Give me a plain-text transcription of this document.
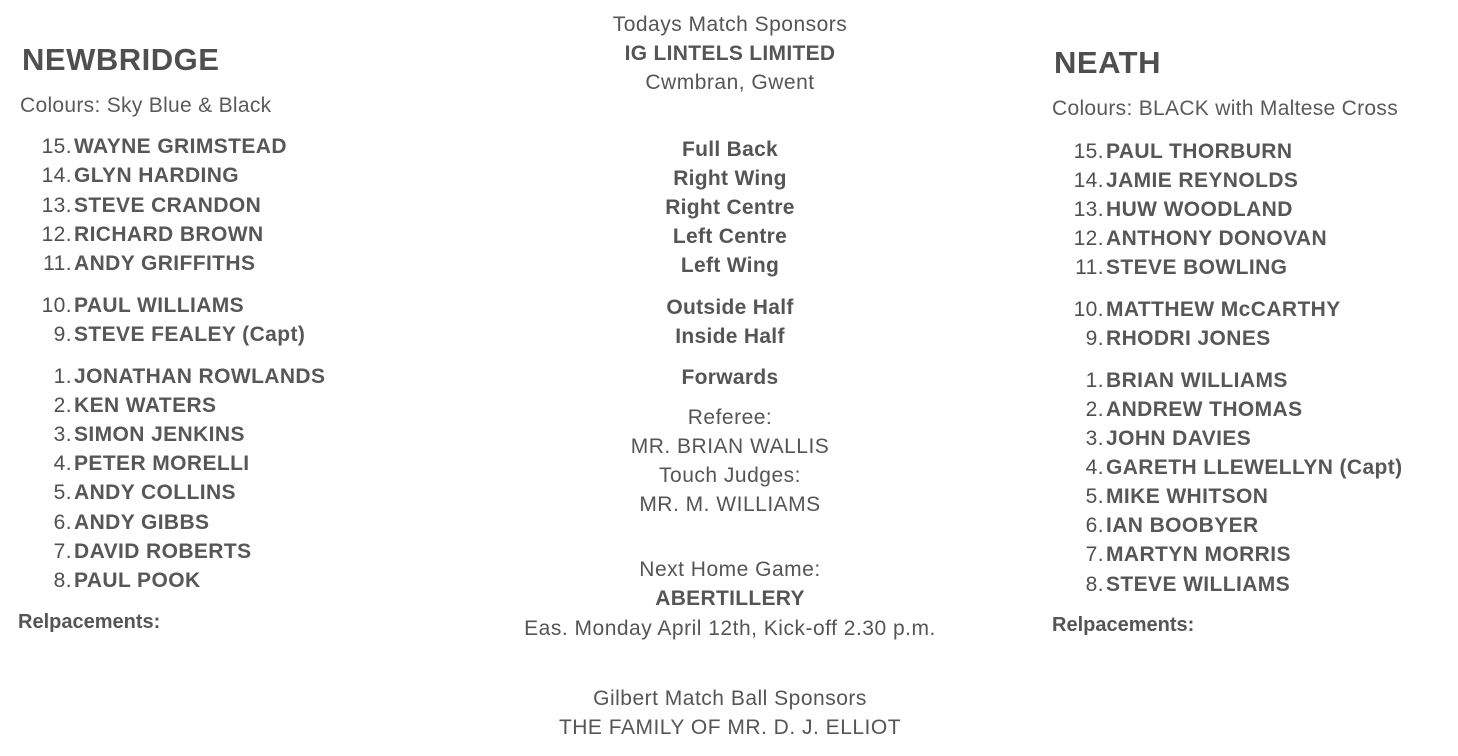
NEWBRIDGE
Colours: Sky Blue & Black
15.WAYNE GRIMSTEAD
14.GLYN HARDING
13.STEVE CRANDON
12.RICHARD BROWN
11.ANDY GRIFFITHS
10.PAUL WILLIAMS
9.STEVE FEALEY (Capt)
1.JONATHAN ROWLANDS
2.KEN WATERS
3.SIMON JENKINS
4.PETER MORELLI
5.ANDY COLLINS
6.ANDY GIBBS
7.DAVID ROBERTS
8.PAUL POOK
Relpacements:
Todays Match Sponsors
IG LINTELS LIMITED
Cwmbran, Gwent
Full Back
Right Wing
Right Centre
Left Centre
Left Wing
Outside Half
Inside Half
Forwards
Referee:
MR. BRIAN WALLIS
Touch Judges:
MR. M. WILLIAMS
Next Home Game:
ABERTILLERY
Eas. Monday April 12th, Kick-off 2.30 p.m.
Gilbert Match Ball Sponsors
THE FAMILY OF MR. D. J. ELLIOT
NEATH
Colours: BLACK with Maltese Cross
15.PAUL THORBURN
14.JAMIE REYNOLDS
13.HUW WOODLAND
12.ANTHONY DONOVAN
11.STEVE BOWLING
10.MATTHEW McCARTHY
9.RHODRI JONES
1.BRIAN WILLIAMS
2.ANDREW THOMAS
3.JOHN DAVIES
4.GARETH LLEWELLYN (Capt)
5.MIKE WHITSON
6.IAN BOOBYER
7.MARTYN MORRIS
8.STEVE WILLIAMS
Relpacements:
